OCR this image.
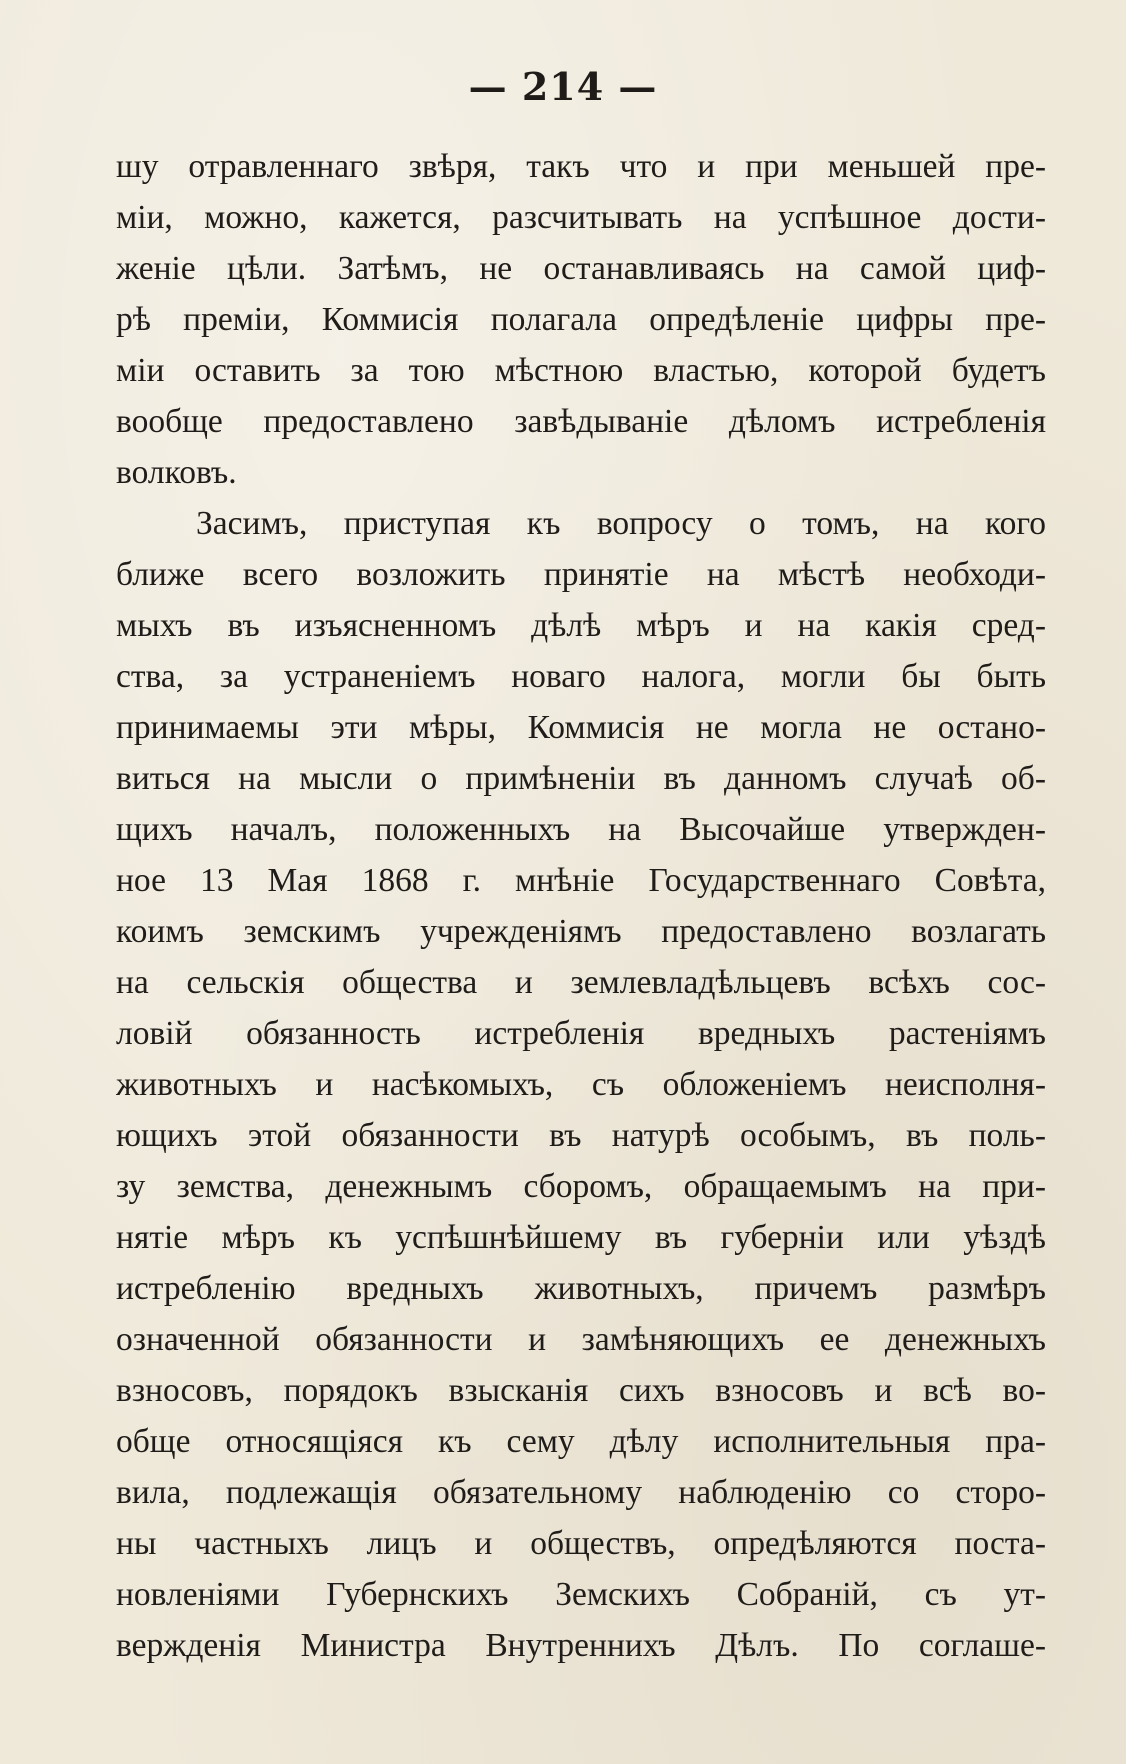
— 214 —
шу отравленнаго звѣря, такъ что и при меньшей пре-
міи, можно, кажется, разсчитывать на успѣшное дости-
женіе цѣли. Затѣмъ, не останавливаясь на самой циф-
рѣ преміи, Коммисія полагала опредѣленіе цифры пре-
міи оставить за тою мѣстною властью, которой будетъ
вообще предоставлено завѣдываніе дѣломъ истребленія
волковъ.
Засимъ, приступая къ вопросу о томъ, на кого
ближе всего возложить принятіе на мѣстѣ необходи-
мыхъ въ изъясненномъ дѣлѣ мѣръ и на какія сред-
ства, за устраненіемъ новаго налога, могли бы быть
принимаемы эти мѣры, Коммисія не могла не остано-
виться на мысли о примѣненіи въ данномъ случаѣ об-
щихъ началъ, положенныхъ на Высочайше утвержден-
ное 13 Мая 1868 г. мнѣніе Государственнаго Совѣта,
коимъ земскимъ учрежденіямъ предоставлено возлагать
на сельскія общества и землевладѣльцевъ всѣхъ сос-
ловій обязанность истребленія вредныхъ растеніямъ
животныхъ и насѣкомыхъ, съ обложеніемъ неисполня-
ющихъ этой обязанности въ натурѣ особымъ, въ поль-
зу земства, денежнымъ сборомъ, обращаемымъ на при-
нятіе мѣръ къ успѣшнѣйшему въ губерніи или уѣздѣ
истребленію вредныхъ животныхъ, причемъ размѣръ
означенной обязанности и замѣняющихъ ее денежныхъ
взносовъ, порядокъ взысканія сихъ взносовъ и всѣ во-
обще относящіяся къ сему дѣлу исполнительныя пра-
вила, подлежащія обязательному наблюденію со сторо-
ны частныхъ лицъ и обществъ, опредѣляются поста-
новленіями Губернскихъ Земскихъ Собраній, съ ут-
вержденія Министра Внутреннихъ Дѣлъ. По соглаше-
